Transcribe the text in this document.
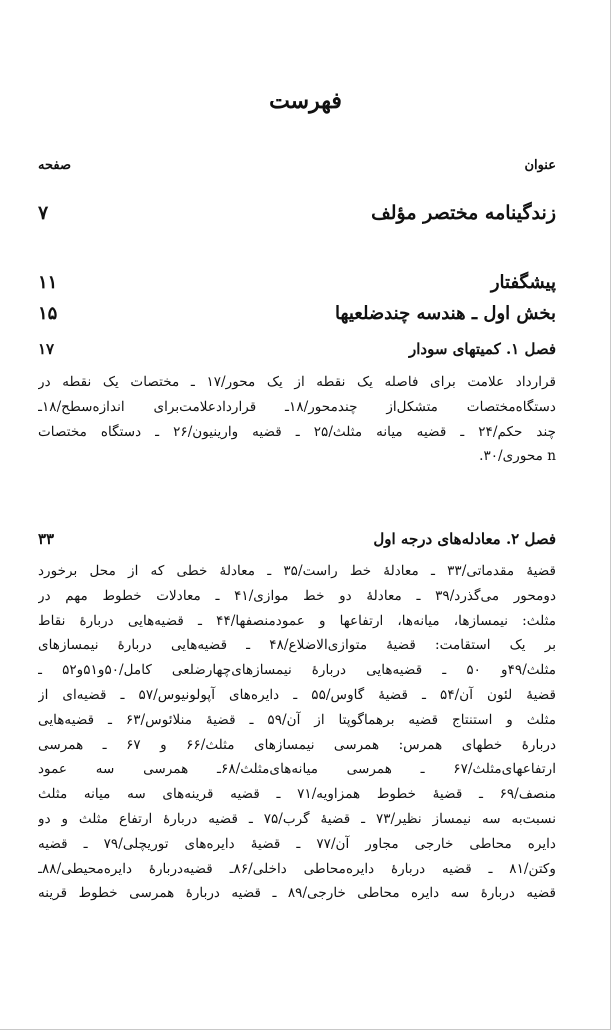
فهرست
عنوان
صفحه
زندگینامه مختصر مؤلف
۷
پیشگفتار
۱۱
بخش اول ـ هندسه چندضلعیها
۱۵
فصل ۱. کمیتهای سودار
۱۷
قرارداد علامت برای فاصله یک نقطه از یک محور/۱۷ ـ مختصات یک نقطه در
دستگاه‌مختصات متشکل‌از چندمحور/۱۸ـ قراردادعلامت‌برای اندازه‌سطح/۱۸ـ
چند حکم/۲۴ ـ قضیه میانه مثلث/۲۵ ـ قضیه وارینیون/۲۶ ـ دستگاه مختصات
n محوری/۳۰.
فصل ۲. معادله‌های درجه اول
۳۳
قضیهٔ مقدماتی/۳۳ ـ معادلهٔ خط راست/۳۵ ـ معادلهٔ خطی که از محل برخورد
دومحور می‌گذرد/۳۹ ـ معادلهٔ دو خط موازی/۴۱ ـ معادلات خطوط مهم در
مثلث: نیمسازها، میانه‌ها، ارتفاعها و عمودمنصفها/۴۴ ـ قضیه‌هایی دربارهٔ نقاط
بر یک استقامت: قضیهٔ متوازی‌الاضلاع/۴۸ ـ قضیه‌هایی دربارهٔ نیمسازهای
مثلث/۴۹و ۵۰ ـ قضیه‌هایی دربارهٔ نیمسازهای‌چهارضلعی کامل/۵۰و۵۱و۵۲ ـ
قضیهٔ لئون آن/۵۴ ـ قضیهٔ گاوس/۵۵ ـ دایره‌های آپولونیوس/۵۷ ـ قضیه‌ای از
مثلث و استنتاج قضیه برهماگوپتا از آن/۵۹ ـ قضیهٔ منلائوس/۶۳ ـ قضیه‌هایی
دربارهٔ خطهای همرس: همرسی نیمسازهای مثلث/۶۶ و ۶۷ ـ همرسی
ارتفاعهای‌مثلث/۶۷ ـ همرسی میانه‌های‌مثلث/۶۸ـ همرسی سه عمود
منصف/۶۹ ـ قضیهٔ خطوط همزاویه/۷۱ ـ قضیه قرینه‌های سه میانه مثلث
نسبت‌به سه نیمساز نظیر/۷۳ ـ قضیهٔ گرب/۷۵ ـ قضیه دربارهٔ ارتفاع مثلث و دو
دایره محاطی خارجی مجاور آن/۷۷ ـ قضیهٔ دایره‌های توریچلی/۷۹ ـ قضیه
وکتن/۸۱ ـ قضیه دربارهٔ دایره‌محاطی داخلی/۸۶ـ قضیه‌دربارهٔ دایره‌محیطی/۸۸ـ
قضیه دربارهٔ سه دایره محاطی خارجی/۸۹ ـ قضیه دربارهٔ همرسی خطوط قرینه
